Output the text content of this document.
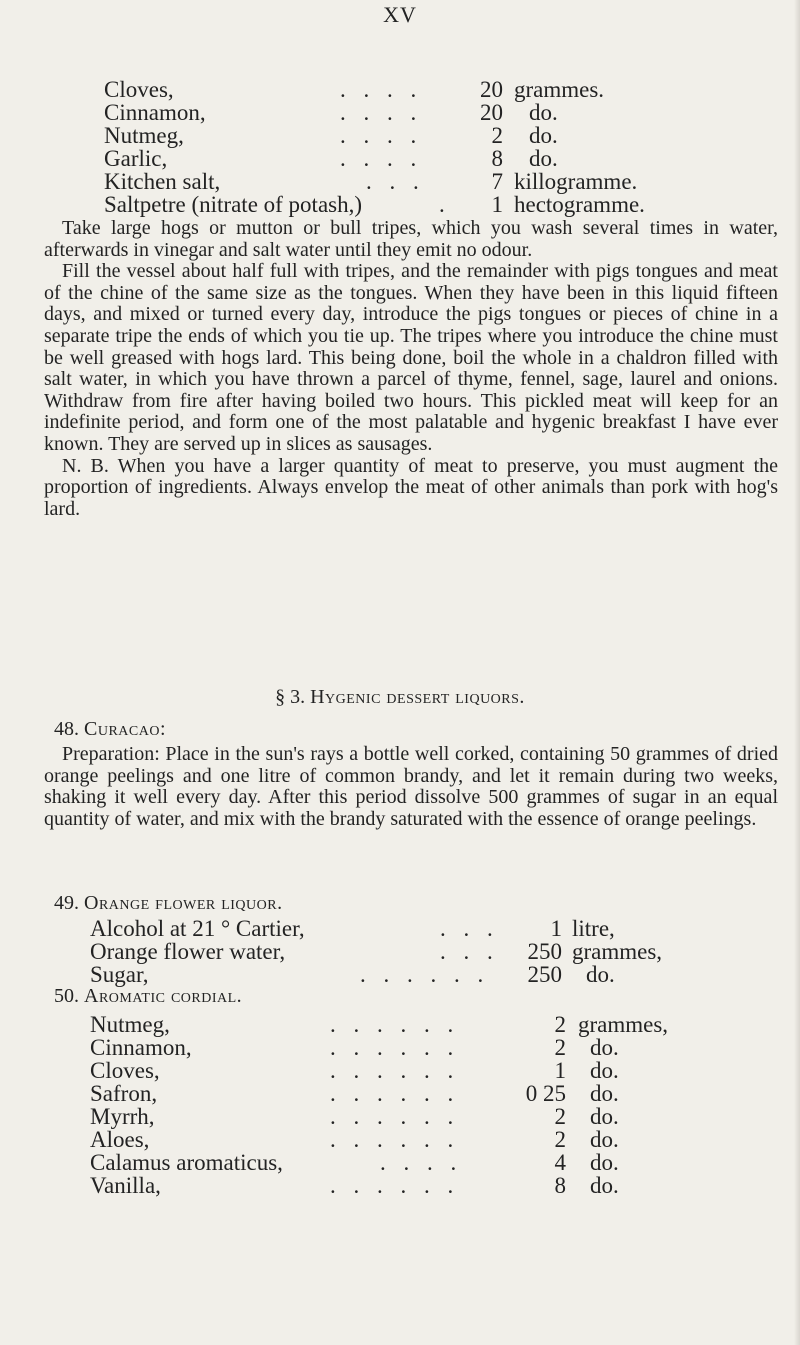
XV
Cloves,	. . . .	20 grammes.
Cinnamon,	. . . .	20 do.
Nutmeg,	. . . .	2 do.
Garlic,	. . . .	8 do.
Kitchen salt,	. . .	7 killogramme.
Saltpetre (nitrate of potash,)	.	1 hectogramme.

Take large hogs or mutton or bull tripes, which you wash several times in water, afterwards in vinegar and salt water until they emit no odour.

Fill the vessel about half full with tripes, and the remainder with pigs tongues and meat of the chine of the same size as the tongues. When they have been in this liquid fifteen days, and mixed or turned every day, introduce the pigs tongues or pieces of chine in a separate tripe the ends of which you tie up. The tripes where you introduce the chine must be well greased with hogs lard. This being done, boil the whole in a chaldron filled with salt water, in which you have thrown a parcel of thyme, fennel, sage, laurel and onions. Withdraw from fire after having boiled two hours. This pickled meat will keep for an indefinite period, and form one of the most palatable and hygenic breakfast I have ever known. They are served up in slices as sausages.

N. B. When you have a larger quantity of meat to preserve, you must augment the proportion of ingredients. Always envelop the meat of other animals than pork with hog's lard.

§ 3. Hygenic dessert liquors.
48. Curacao:

Preparation: Place in the sun's rays a bottle well corked, containing 50 grammes of dried orange peelings and one litre of common brandy, and let it remain during two weeks, shaking it well every day. After this period dissolve 500 grammes of sugar in an equal quantity of water, and mix with the brandy saturated with the essence of orange peelings.

49. Orange flower liquor.
Alcohol at 21 ° Cartier,	. . .	1 litre,
Orange flower water,	. . .	250 grammes,
Sugar,	. . . . . .	250 do.
50. Aromatic cordial.
Nutmeg,	. . . . . .	2 grammes,
Cinnamon,	. . . . . .	2 do.
Cloves,	. . . . . .	1 do.
Safron,	. . . . . .	0 25 do.
Myrrh,	. . . . . .	2 do.
Aloes,	. . . . . .	2 do.
Calamus aromaticus,	. . . .	4 do.
Vanilla,	. . . . . .	8 do.
